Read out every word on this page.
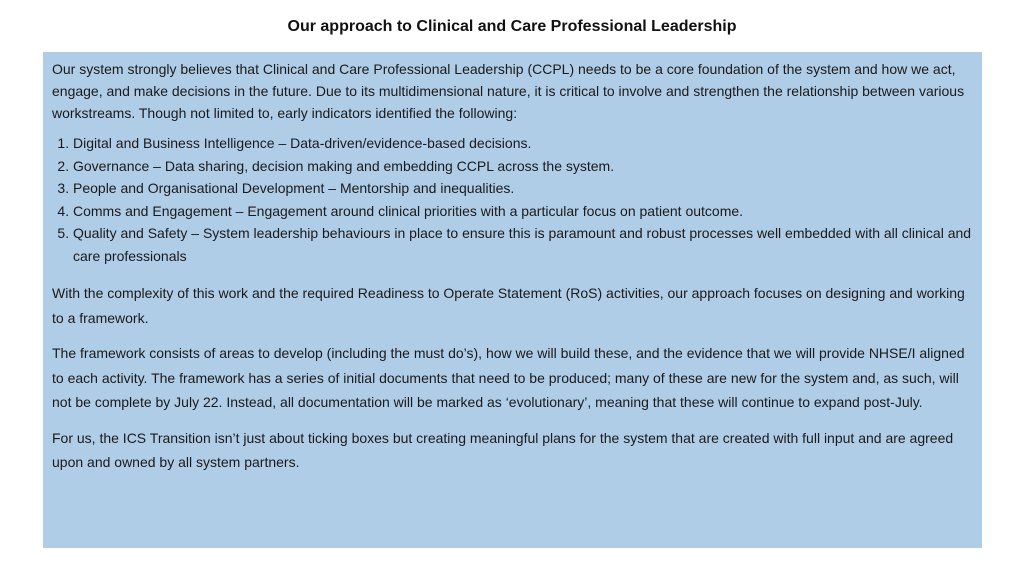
Our approach to Clinical and Care Professional Leadership

Our system strongly believes that Clinical and Care Professional Leadership (CCPL) needs to be a core foundation of the system and how we act, engage, and make decisions in the future. Due to its multidimensional nature, it is critical to involve and strengthen the relationship between various workstreams. Though not limited to, early indicators identified the following:

1. Digital and Business Intelligence – Data-driven/evidence-based decisions.
2. Governance – Data sharing, decision making and embedding CCPL across the system.
3. People and Organisational Development – Mentorship and inequalities.
4. Comms and Engagement – Engagement around clinical priorities with a particular focus on patient outcome.
5. Quality and Safety – System leadership behaviours in place to ensure this is paramount and robust processes well embedded with all clinical and care professionals

With the complexity of this work and the required Readiness to Operate Statement (RoS) activities, our approach focuses on designing and working to a framework.

The framework consists of areas to develop (including the must do’s), how we will build these, and the evidence that we will provide NHSE/I aligned to each activity. The framework has a series of initial documents that need to be produced; many of these are new for the system and, as such, will not be complete by July 22. Instead, all documentation will be marked as ‘evolutionary’, meaning that these will continue to expand post-July.

For us, the ICS Transition isn’t just about ticking boxes but creating meaningful plans for the system that are created with full input and are agreed upon and owned by all system partners.
